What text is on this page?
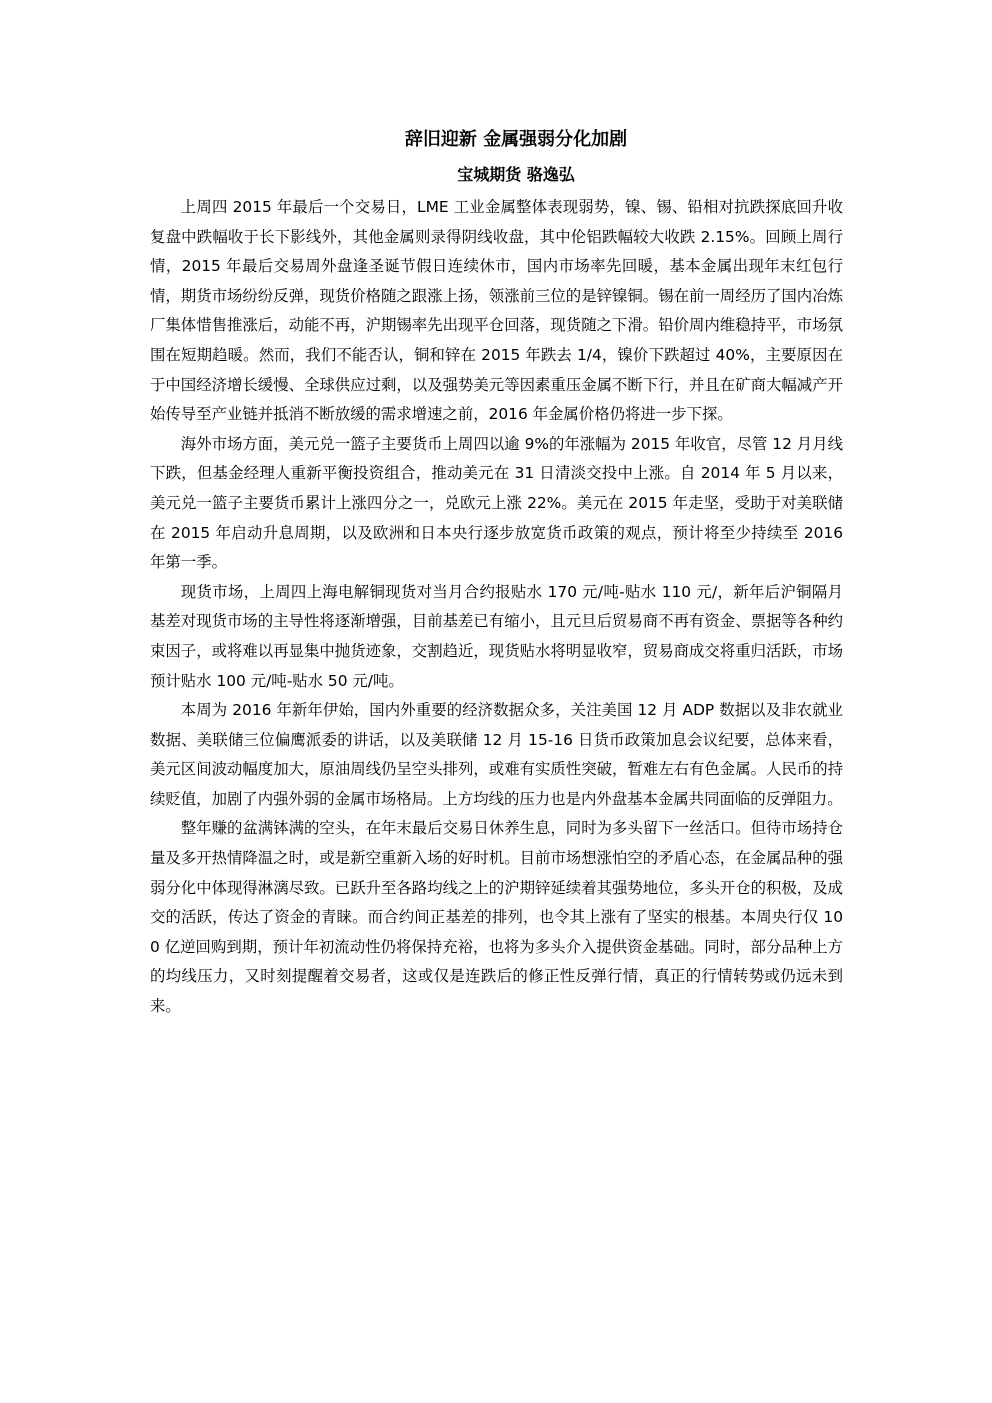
辞旧迎新 金属强弱分化加剧
宝城期货 骆逸弘

上周四 2015 年最后一个交易日，LME 工业金属整体表现弱势，镍、锡、铅相对抗跌探底回升收复盘中跌幅收于长下影线外，其他金属则录得阴线收盘，其中伦铝跌幅较大收跌 2.15%。回顾上周行情，2015 年最后交易周外盘逢圣诞节假日连续休市，国内市场率先回暖，基本金属出现年末红包行情，期货市场纷纷反弹，现货价格随之跟涨上扬，领涨前三位的是锌镍铜。锡在前一周经历了国内冶炼厂集体惜售推涨后，动能不再，沪期锡率先出现平仓回落，现货随之下滑。铅价周内维稳持平，市场氛围在短期趋暖。然而，我们不能否认，铜和锌在 2015 年跌去 1/4，镍价下跌超过 40%，主要原因在于中国经济增长缓慢、全球供应过剩，以及强势美元等因素重压金属不断下行，并且在矿商大幅减产开始传导至产业链并抵消不断放缓的需求增速之前，2016 年金属价格仍将进一步下探。

海外市场方面，美元兑一篮子主要货币上周四以逾 9%的年涨幅为 2015 年收官，尽管 12 月月线下跌，但基金经理人重新平衡投资组合，推动美元在 31 日清淡交投中上涨。自 2014 年 5 月以来，美元兑一篮子主要货币累计上涨四分之一，兑欧元上涨 22%。美元在 2015 年走坚，受助于对美联储在 2015 年启动升息周期，以及欧洲和日本央行逐步放宽货币政策的观点，预计将至少持续至 2016 年第一季。

现货市场，上周四上海电解铜现货对当月合约报贴水 170 元/吨-贴水 110 元/，新年后沪铜隔月基差对现货市场的主导性将逐渐增强，目前基差已有缩小，且元旦后贸易商不再有资金、票据等各种约束因子，或将难以再显集中抛货迹象，交割趋近，现货贴水将明显收窄，贸易商成交将重归活跃，市场预计贴水 100 元/吨-贴水 50 元/吨。

本周为 2016 年新年伊始，国内外重要的经济数据众多，关注美国 12 月 ADP 数据以及非农就业数据、美联储三位偏鹰派委的讲话，以及美联储 12 月 15-16 日货币政策加息会议纪要，总体来看，美元区间波动幅度加大，原油周线仍呈空头排列，或难有实质性突破，暂难左右有色金属。人民币的持续贬值，加剧了内强外弱的金属市场格局。上方均线的压力也是内外盘基本金属共同面临的反弹阻力。

整年赚的盆满钵满的空头，在年末最后交易日休养生息，同时为多头留下一丝活口。但待市场持仓量及多开热情降温之时，或是新空重新入场的好时机。目前市场想涨怕空的矛盾心态，在金属品种的强弱分化中体现得淋漓尽致。已跃升至各路均线之上的沪期锌延续着其强势地位，多头开仓的积极，及成交的活跃，传达了资金的青睐。而合约间正基差的排列，也令其上涨有了坚实的根基。本周央行仅 100 亿逆回购到期，预计年初流动性仍将保持充裕，也将为多头介入提供资金基础。同时，部分品种上方的均线压力，又时刻提醒着交易者，这或仅是连跌后的修正性反弹行情，真正的行情转势或仍远未到来。
